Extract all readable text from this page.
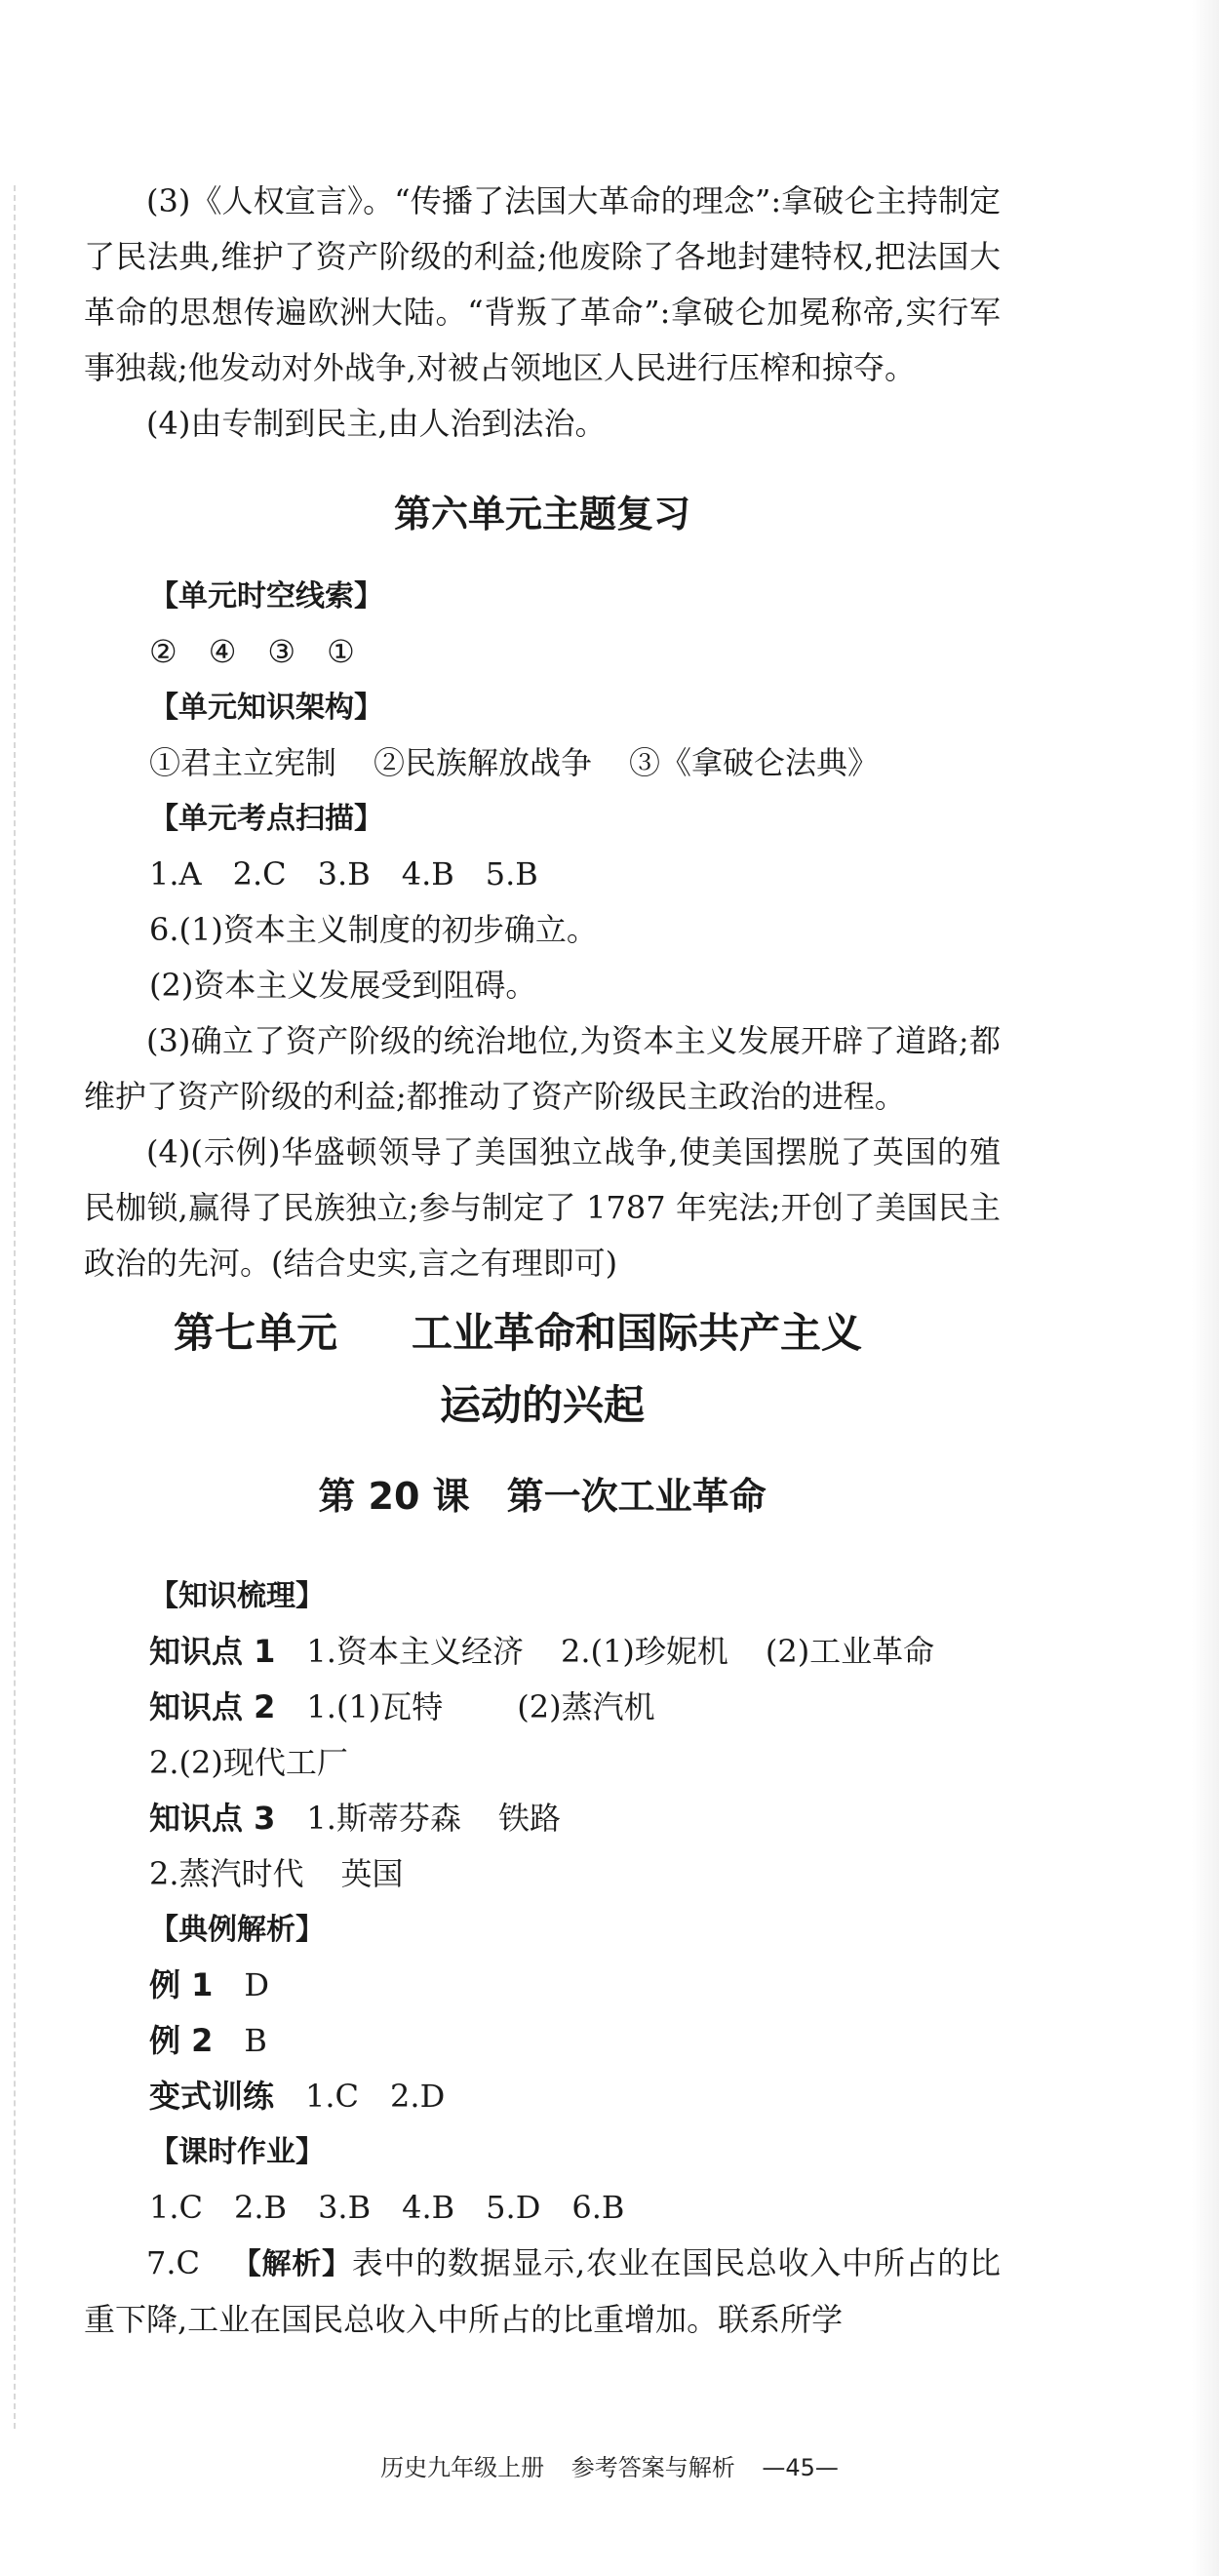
(3)《人权宣言》。“传播了法国大革命的理念”:拿破仑主持制定了民法典,维护了资产阶级的利益;他废除了各地封建特权,把法国大革命的思想传遍欧洲大陆。“背叛了革命”:拿破仑加冕称帝,实行军事独裁;他发动对外战争,对被占领地区人民进行压榨和掠夺。

(4)由专制到民主,由人治到法治。

第六单元主题复习

【单元时空线索】

② ④ ③ ①

【单元知识架构】

①君主立宪制 ②民族解放战争 ③《拿破仑法典》

【单元考点扫描】

1.A 2.C 3.B 4.B 5.B

6.(1)资本主义制度的初步确立。

(2)资本主义发展受到阻碍。

(3)确立了资产阶级的统治地位,为资本主义发展开辟了道路;都维护了资产阶级的利益;都推动了资产阶级民主政治的进程。

(4)(示例)华盛顿领导了美国独立战争,使美国摆脱了英国的殖民枷锁,赢得了民族独立;参与制定了 1787 年宪法;开创了美国民主政治的先河。(结合史实,言之有理即可)

第七单元 工业革命和国际共产主义
运动的兴起
第 20 课 第一次工业革命

【知识梳理】

知识点 1 1.资本主义经济 2.(1)珍妮机 (2)工业革命

知识点 2 1.(1)瓦特 (2)蒸汽机

2.(2)现代工厂

知识点 3 1.斯蒂芬森 铁路

2.蒸汽时代 英国

【典例解析】

例 1 D

例 2 B

变式训练 1.C 2.D

【课时作业】

1.C 2.B 3.B 4.B 5.D 6.B

7.C 【解析】表中的数据显示,农业在国民总收入中所占的比重下降,工业在国民总收入中所占的比重增加。联系所学

历史九年级上册 参考答案与解析 —45—
